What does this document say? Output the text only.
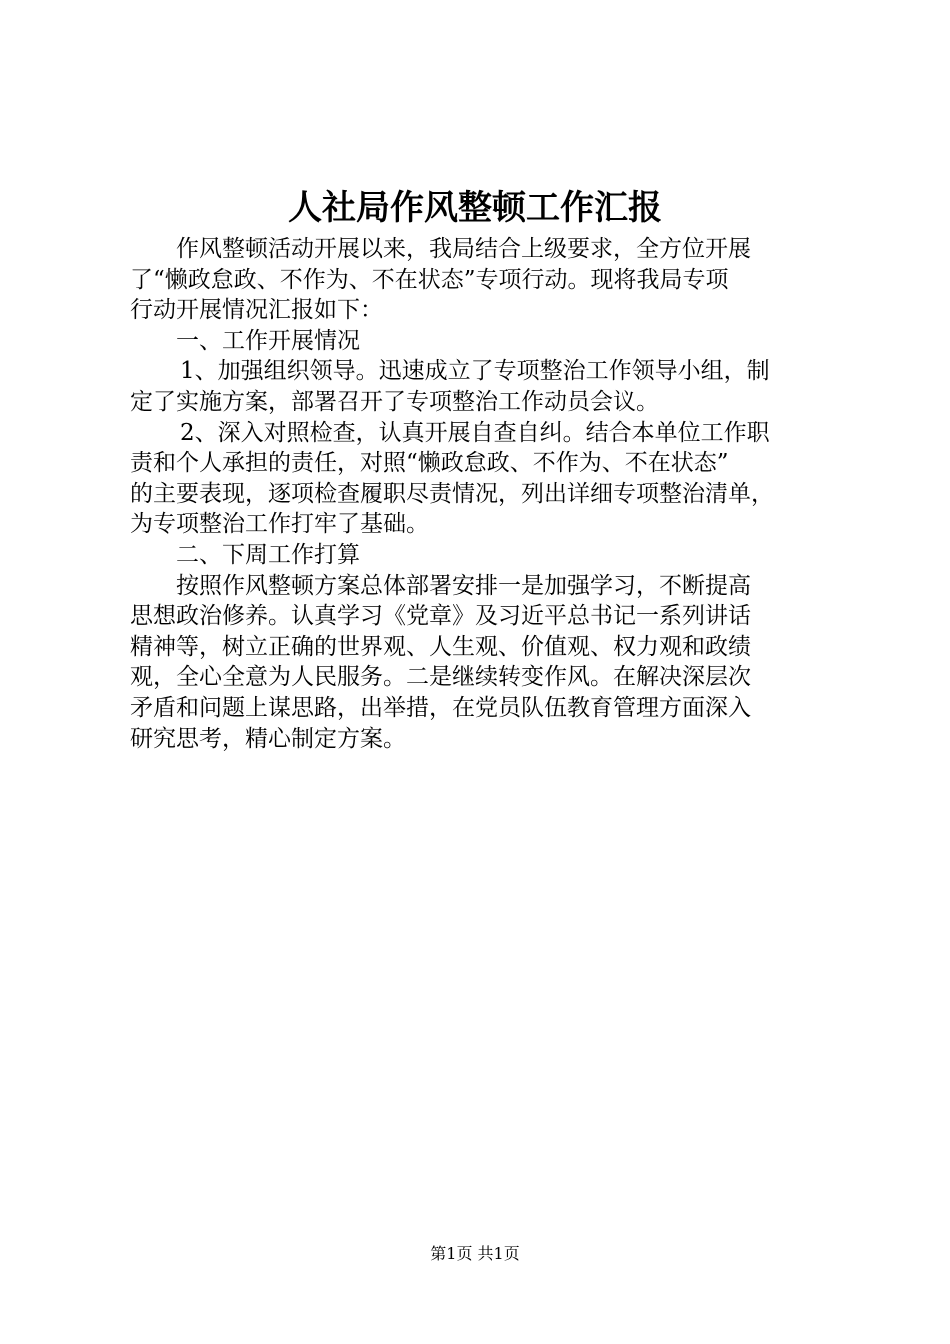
人社局作风整顿工作汇报
作风整顿活动开展以来，我局结合上级要求，全方位开展
了“懒政怠政、不作为、不在状态”专项行动。现将我局专项
行动开展情况汇报如下：
一、工作开展情况
1、加强组织领导。迅速成立了专项整治工作领导小组，制
定了实施方案，部署召开了专项整治工作动员会议。
2、深入对照检查，认真开展自查自纠。结合本单位工作职
责和个人承担的责任，对照“懒政怠政、不作为、不在状态”
的主要表现，逐项检查履职尽责情况，列出详细专项整治清单，
为专项整治工作打牢了基础。
二、下周工作打算
按照作风整顿方案总体部署安排一是加强学习，不断提高
思想政治修养。认真学习《党章》及习近平总书记一系列讲话
精神等，树立正确的世界观、人生观、价值观、权力观和政绩
观，全心全意为人民服务。二是继续转变作风。在解决深层次
矛盾和问题上谋思路，出举措，在党员队伍教育管理方面深入
研究思考，精心制定方案。
第1页 共1页
